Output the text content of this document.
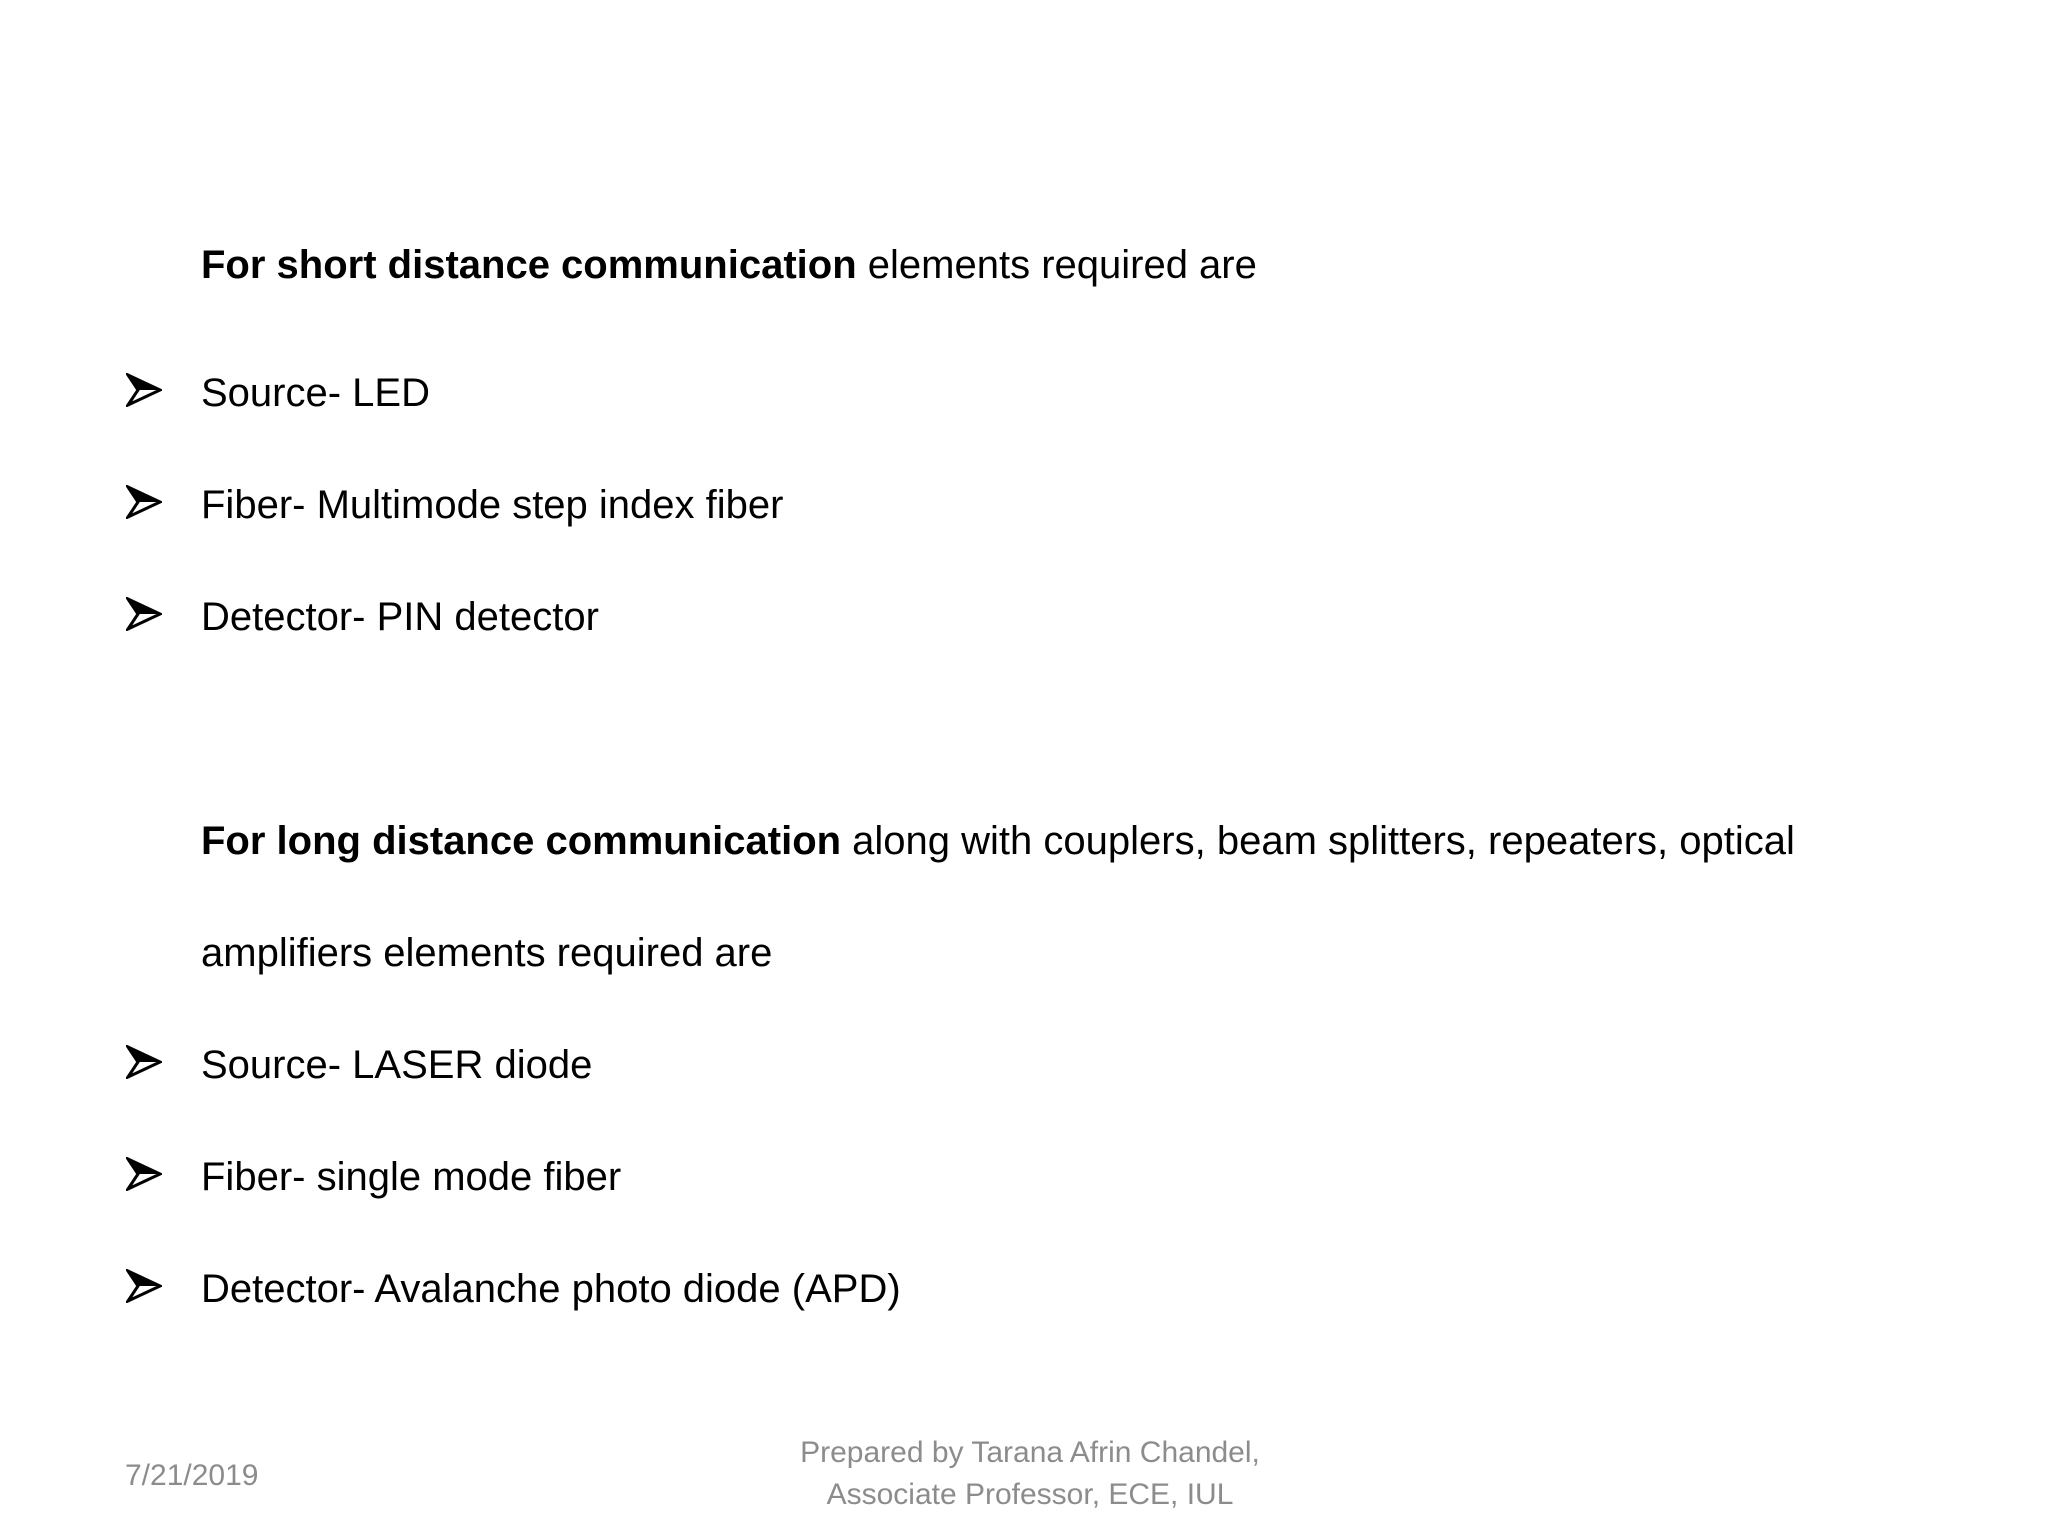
For short distance communication elements required are
Source- LED
Fiber- Multimode step index fiber
Detector- PIN detector
For long distance communication along with couplers, beam splitters, repeaters, optical
amplifiers elements required are
Source- LASER diode
Fiber- single mode fiber
Detector- Avalanche photo diode (APD)
7/21/2019
Prepared by Tarana Afrin Chandel,
Associate Professor, ECE, IUL
